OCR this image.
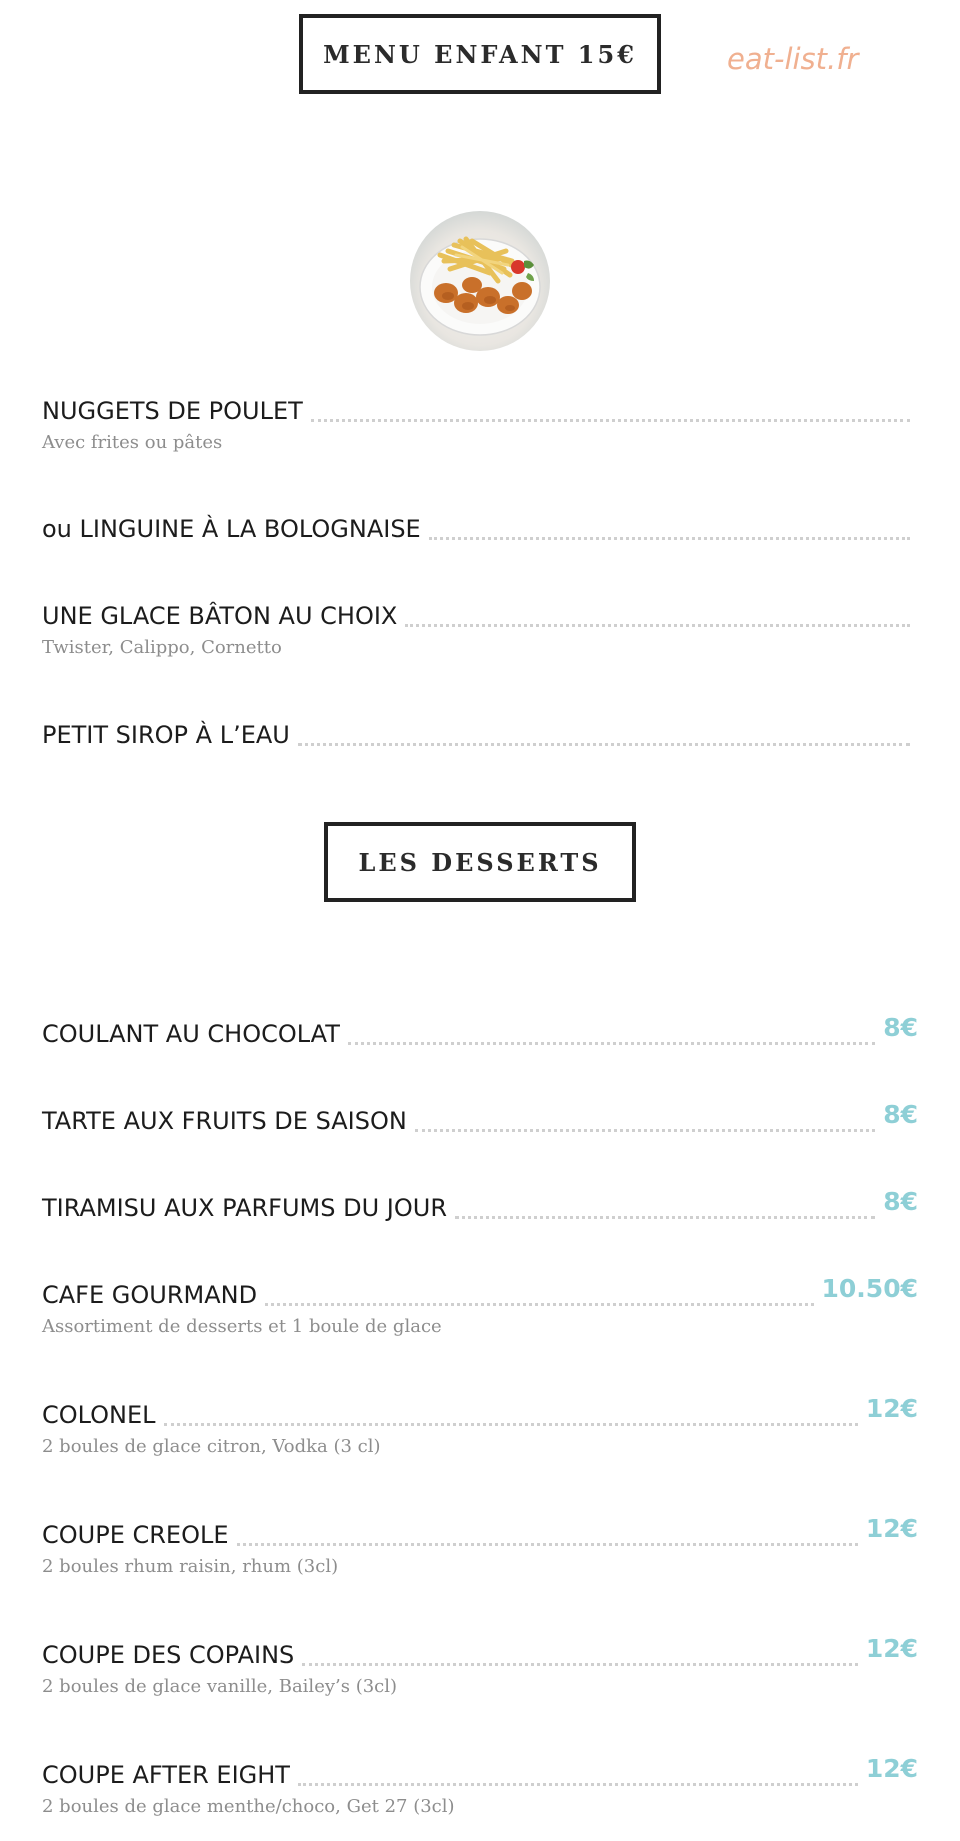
MENU ENFANT 15€	eat-list.fr
NUGGETS DE POULET
Avec frites ou pâtes
ou LINGUINE À LA BOLOGNAISE
UNE GLACE BÂTON AU CHOIX
Twister, Calippo, Cornetto
PETIT SIROP À L’EAU
LES DESSERTS
COULANT AU CHOCOLAT	8€
TARTE AUX FRUITS DE SAISON	8€
TIRAMISU AUX PARFUMS DU JOUR	8€
CAFE GOURMAND	10.50€
Assortiment de desserts et 1 boule de glace
COLONEL	12€
2 boules de glace citron, Vodka (3 cl)
COUPE CREOLE	12€
2 boules rhum raisin, rhum (3cl)
COUPE DES COPAINS	12€
2 boules de glace vanille, Bailey’s (3cl)
COUPE AFTER EIGHT	12€
2 boules de glace menthe/choco, Get 27 (3cl)
